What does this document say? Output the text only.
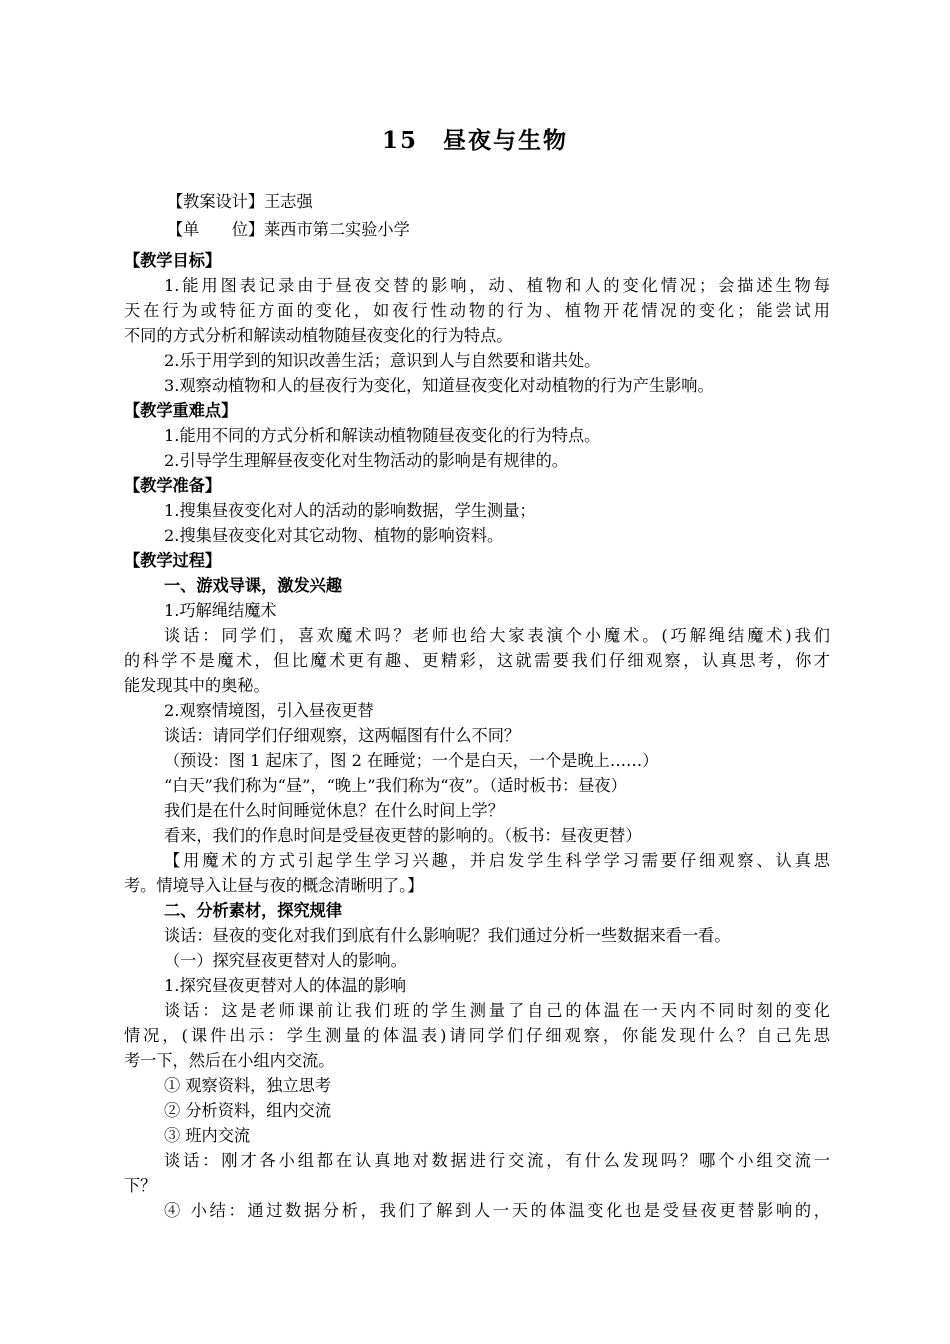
15　昼夜与生物
【教案设计】王志强
【单　　位】莱西市第二实验小学
【教学目标】
1.能用图表记录由于昼夜交替的影响，动、植物和人的变化情况；会描述生物每
天在行为或特征方面的变化，如夜行性动物的行为、植物开花情况的变化；能尝试用
不同的方式分析和解读动植物随昼夜变化的行为特点。
2.乐于用学到的知识改善生活；意识到人与自然要和谐共处。
3.观察动植物和人的昼夜行为变化，知道昼夜变化对动植物的行为产生影响。
【教学重难点】
1.能用不同的方式分析和解读动植物随昼夜变化的行为特点。
2.引导学生理解昼夜变化对生物活动的影响是有规律的。
【教学准备】
1.搜集昼夜变化对人的活动的影响数据，学生测量；
2.搜集昼夜变化对其它动物、植物的影响资料。
【教学过程】
一、游戏导课，激发兴趣
1.巧解绳结魔术
谈话：同学们，喜欢魔术吗？老师也给大家表演个小魔术。(巧解绳结魔术)我们
的科学不是魔术，但比魔术更有趣、更精彩，这就需要我们仔细观察，认真思考，你才
能发现其中的奥秘。
2.观察情境图，引入昼夜更替
谈话：请同学们仔细观察，这两幅图有什么不同？
（预设：图 1 起床了，图 2 在睡觉；一个是白天，一个是晚上……）
“白天”我们称为“昼”，“晚上”我们称为“夜”。（适时板书：昼夜）
我们是在什么时间睡觉休息？在什么时间上学？
看来，我们的作息时间是受昼夜更替的影响的。（板书：昼夜更替）
【用魔术的方式引起学生学习兴趣，并启发学生科学学习需要仔细观察、认真思
考。情境导入让昼与夜的概念清晰明了。】
二、分析素材，探究规律
谈话：昼夜的变化对我们到底有什么影响呢？我们通过分析一些数据来看一看。
（一）探究昼夜更替对人的影响。
1.探究昼夜更替对人的体温的影响
谈话：这是老师课前让我们班的学生测量了自己的体温在一天内不同时刻的变化
情况，(课件出示：学生测量的体温表)请同学们仔细观察，你能发现什么？自己先思
考一下，然后在小组内交流。
① 观察资料，独立思考
② 分析资料，组内交流
③ 班内交流
谈话：刚才各小组都在认真地对数据进行交流，有什么发现吗？哪个小组交流一
下？
④ 小结：通过数据分析，我们了解到人一天的体温变化也是受昼夜更替影响的，
